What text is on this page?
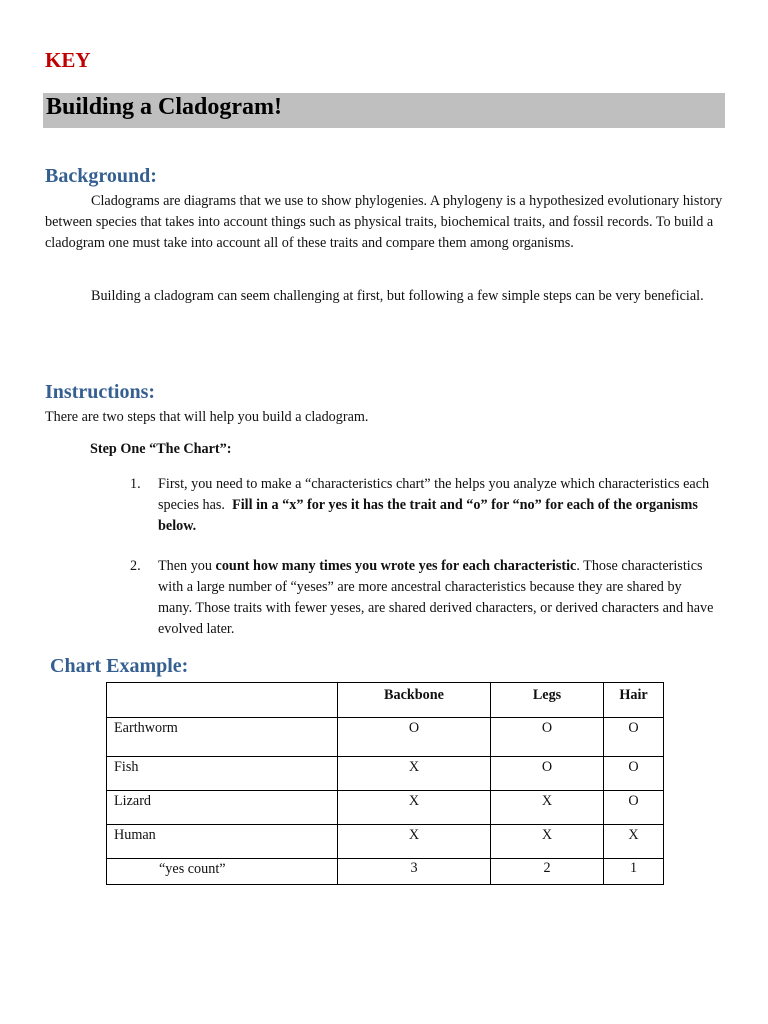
KEY
Building a Cladogram!
Background:
Cladograms are diagrams that we use to show phylogenies. A phylogeny is a hypothesized evolutionary history between species that takes into account things such as physical traits, biochemical traits, and fossil records. To build a cladogram one must take into account all of these traits and compare them among organisms.
Building a cladogram can seem challenging at first, but following a few simple steps can be very beneficial.
Instructions:
There are two steps that will help you build a cladogram.
Step One “The Chart”:
1. First, you need to make a “characteristics chart” the helps you analyze which characteristics each species has. Fill in a “x” for yes it has the trait and “o” for “no” for each of the organisms below.
2. Then you count how many times you wrote yes for each characteristic. Those characteristics with a large number of “yeses” are more ancestral characteristics because they are shared by many. Those traits with fewer yeses, are shared derived characters, or derived characters and have evolved later.
Chart Example:
	Backbone	Legs	Hair
Earthworm	O	O	O
Fish	X	O	O
Lizard	X	X	O
Human	X	X	X
“yes count”	3	2	1
